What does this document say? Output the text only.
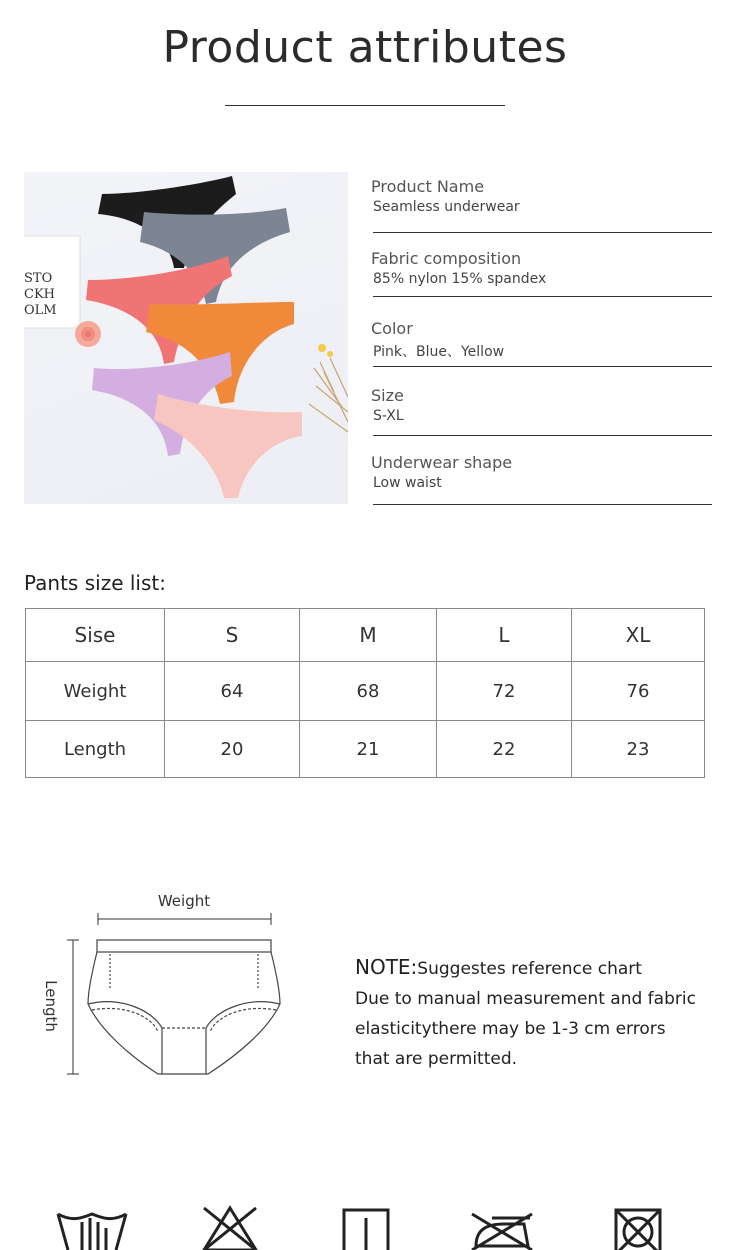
Product attributes
STO
CKH
OLM
Product Name
Seamless underwear
Fabric composition
85% nylon 15% spandex
Color
Pink、Blue、Yellow
Size
S-XL
Underwear shape
Low waist
Pants size list:
Sise	S	M	L	XL
Weight	64	68	72	76
Length	20	21	22	23
Weight
Length
NOTE:Suggestes reference chart
Due to manual measurement and fabric
elasticitythere may be 1-3 cm errors
that are permitted.
